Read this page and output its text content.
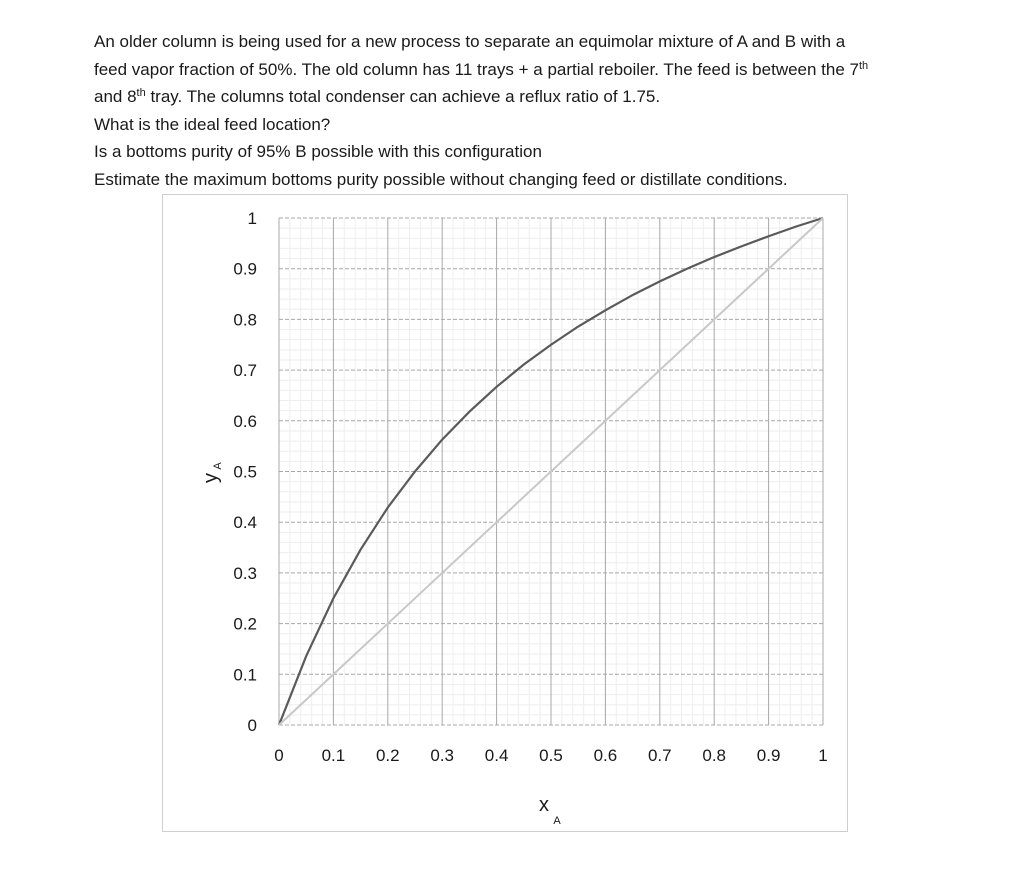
An older column is being used for a new process to separate an equimolar mixture of A and B with a

feed vapor fraction of 50%. The old column has 11 trays + a partial reboiler. The feed is between the 7th

and 8th tray. The columns total condenser can achieve a reflux ratio of 1.75.

What is the ideal feed location?

Is a bottoms purity of 95% B possible with this configuration

Estimate the maximum bottoms purity possible without changing feed or distillate conditions.

0 0.1 0.2 0.3 0.4 0.5 0.6 0.7 0.8 0.9 1
0
0.1
0.2
0.3
0.4
0.5
0.6
0.7
0.8
0.9
1
x
A
y
A
